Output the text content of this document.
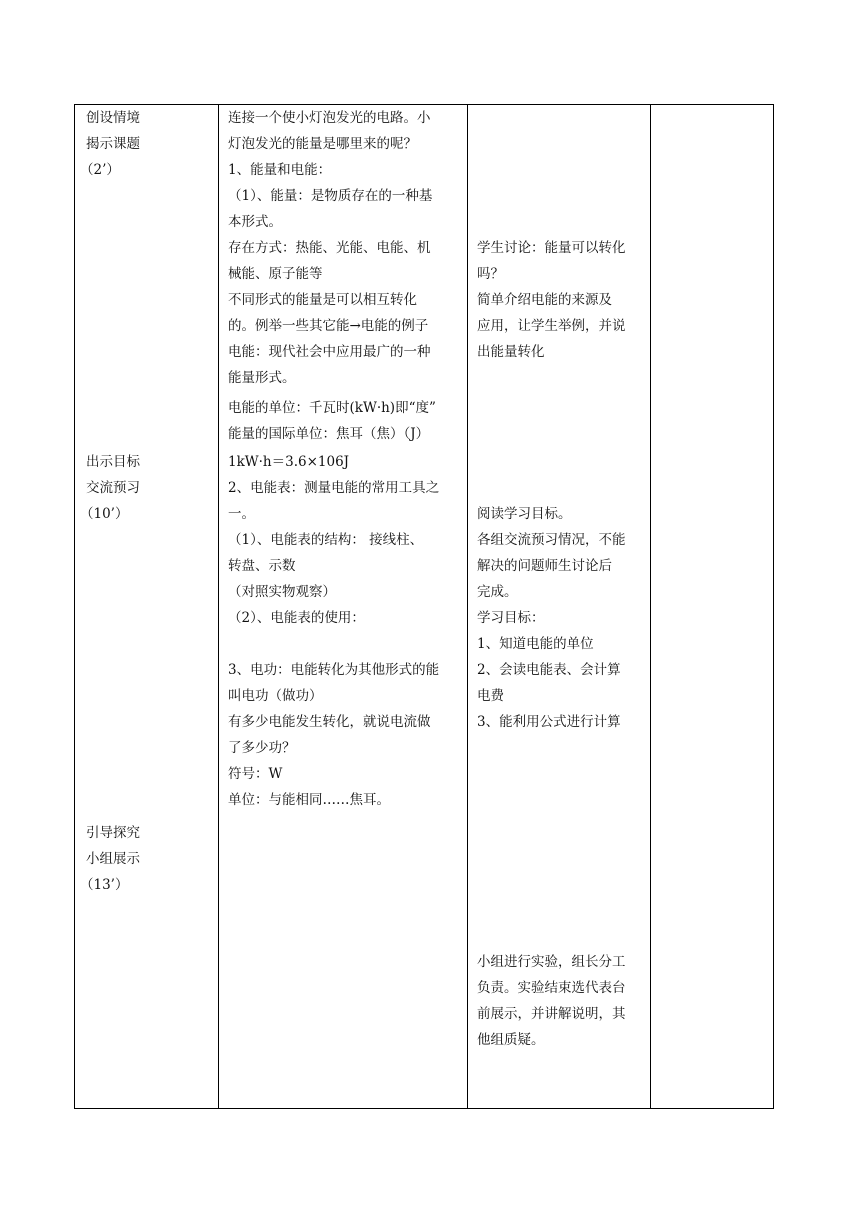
创设情境
揭示课题
（2’）
出示目标
交流预习
（10’）
引导探究
小组展示
（13’）
连接一个使小灯泡发光的电路。小
灯泡发光的能量是哪里来的呢？
1、能量和电能：
（1）、能量：是物质存在的一种基
本形式。
存在方式：热能、光能、电能、机
械能、原子能等
不同形式的能量是可以相互转化
的。例举一些其它能→电能的例子
电能：现代社会中应用最广的一种
能量形式。
电能的单位：千瓦时(kW·h)即“度”
能量的国际单位：焦耳（焦）（J）
1kW·h＝3.6×106J
2、电能表：测量电能的常用工具之
一。
（1）、电能表的结构： 接线柱、
转盘、示数
（对照实物观察）
（2）、电能表的使用：
3、电功：电能转化为其他形式的能
叫电功（做功）
有多少电能发生转化，就说电流做
了多少功？
符号：W
单位：与能相同……焦耳。
学生讨论：能量可以转化
吗？
简单介绍电能的来源及
应用，让学生举例，并说
出能量转化
阅读学习目标。
各组交流预习情况，不能
解决的问题师生讨论后
完成。
学习目标：
1、知道电能的单位
2、会读电能表、会计算
电费
3、能利用公式进行计算
小组进行实验，组长分工
负责。实验结束选代表台
前展示，并讲解说明，其
他组质疑。
